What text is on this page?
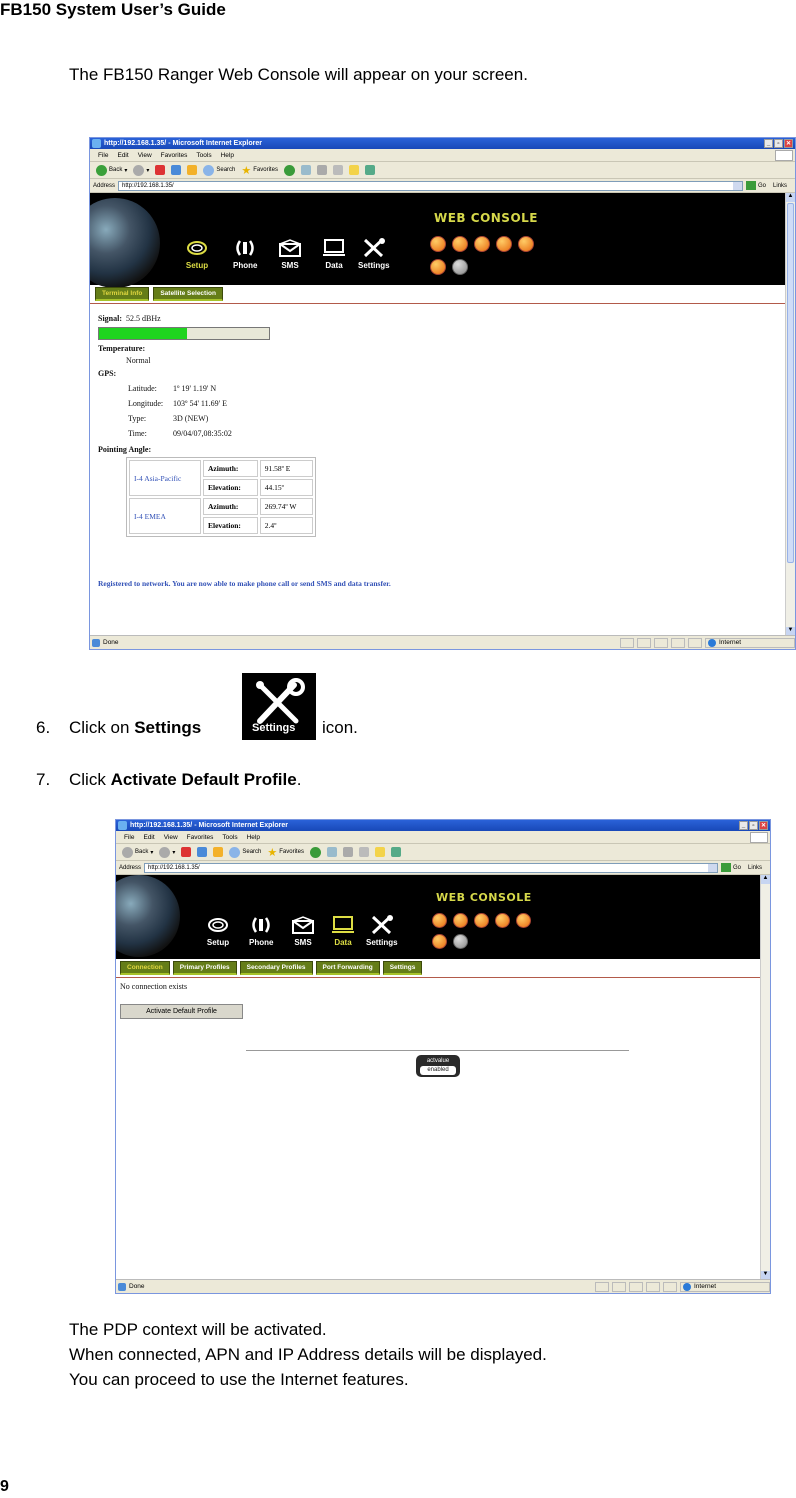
FB150 System User’s Guide
The FB150 Ranger Web Console will appear on your screen.
http://192.168.1.35/ - Microsoft Internet Explorer	_	▫	✕
File Edit View Favorites Tools Help
Back ▾	▾	Search ★ Favorites
Address http://192.168.1.35/	Go	Links
WEB CONSOLE
Setup	Phone	SMS	Data Settings
Terminal Info	Satellite Selection
Signal: 52.5 dBHz
Temperature:
Normal
GPS:
Latitude: 1º 19' 1.19' N
Longitude: 103º 54' 11.69' E
Type:	3D (NEW)
Time:	09/04/07,08:35:02
Pointing Angle:
I-4 Asia-Pacific	Azimuth:	91.58º E
	Elevation:	44.15º
I-4 EMEA	Azimuth:	269.74º W
	Elevation:	2.4º
Registered to network. You are now able to make phone call or send SMS and data transfer.
▲
▼
Done	Internet
6. Click on Settings	Settings icon.
7. Click Activate Default Profile.
http://192.168.1.35/ - Microsoft Internet Explorer	_	▫	✕
File Edit View Favorites Tools Help
Back ▾	▾	Search ★ Favorites
Address http://192.168.1.35/	Go	Links
WEB CONSOLE
Setup Phone	SMS	Data Settings
Connection	Primary Profiles	Secondary Profiles	Port Forwarding	Settings
No connection exists
Activate Default Profile
actvalue
enabled
▲
▼
Done	Internet
The PDP context will be activated.
When connected, APN and IP Address details will be displayed.
You can proceed to use the Internet features.
9
